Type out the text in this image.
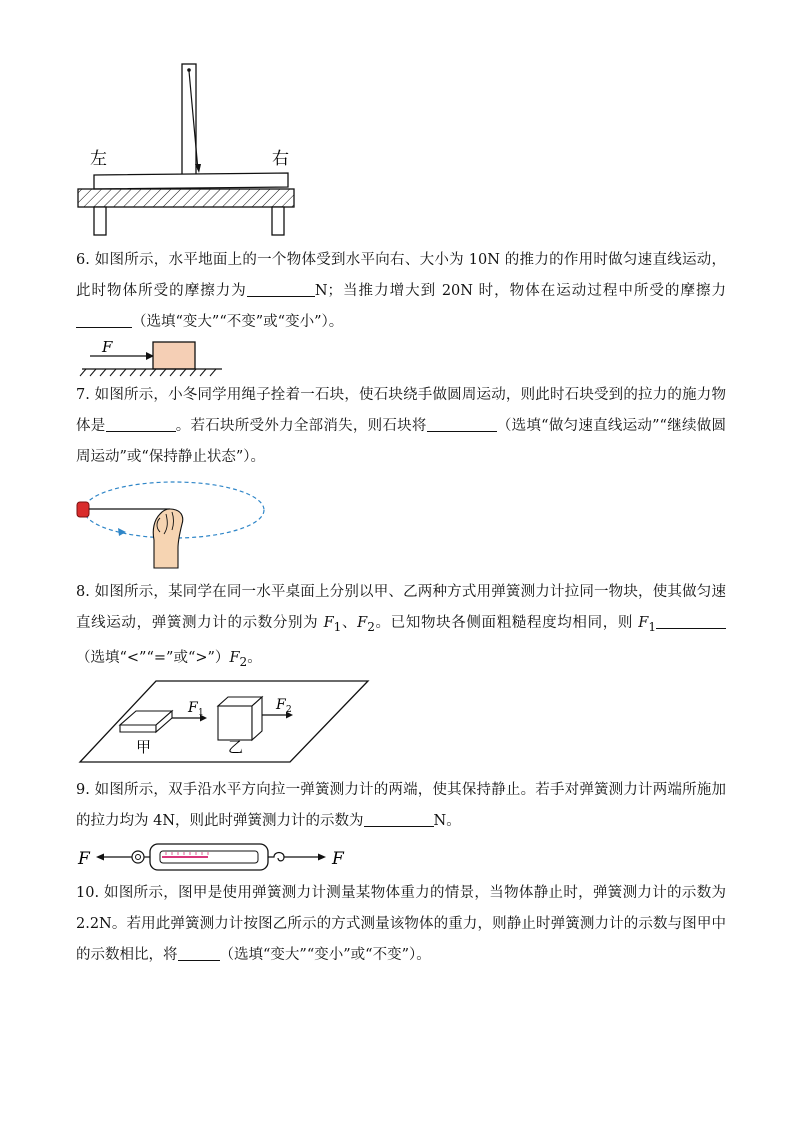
左	右

6. 如图所示，水平地面上的一个物体受到水平向右、大小为 10N 的推力的作用时做匀速直线运动，此时物体所受的摩擦力为	N；当推力增大到 20N 时，物体在运动过程中所受的摩擦力（选填“变大”“不变”或“变小”）。

F

7. 如图所示，小冬同学用绳子拴着一石块，使石块绕手做圆周运动，则此时石块受到的拉力的施力物体是	。若石块所受外力全部消失，则石块将	（选填“做匀速直线运动”“继续做圆周运动”或“保持静止状态”）。

8. 如图所示，某同学在同一水平桌面上分别以甲、乙两种方式用弹簧测力计拉同一物块，使其做匀速直线运动，弹簧测力计的示数分别为 $F_1$、$F_2$。已知物块各侧面粗糙程度均相同，则 $F_1$（选填“<”“=”或“$>”)F_2$。

F 1
甲
F 2
乙

9. 如图所示，双手沿水平方向拉一弹簧测力计的两端，使其保持静止。若手对弹簧测力计两端所施加的拉力均为 4N，则此时弹簧测力计的示数为	N。

F	F

10. 如图所示，图甲是使用弹簧测力计测量某物体重力的情景，当物体静止时，弹簧测力计的示数为 2.2N。若用此弹簧测力计按图乙所示的方式测量该物体的重力，则静止时弹簧测力计的示数与图甲中的示数相比，将	（选填“变大”“变小”或“不变”）。
